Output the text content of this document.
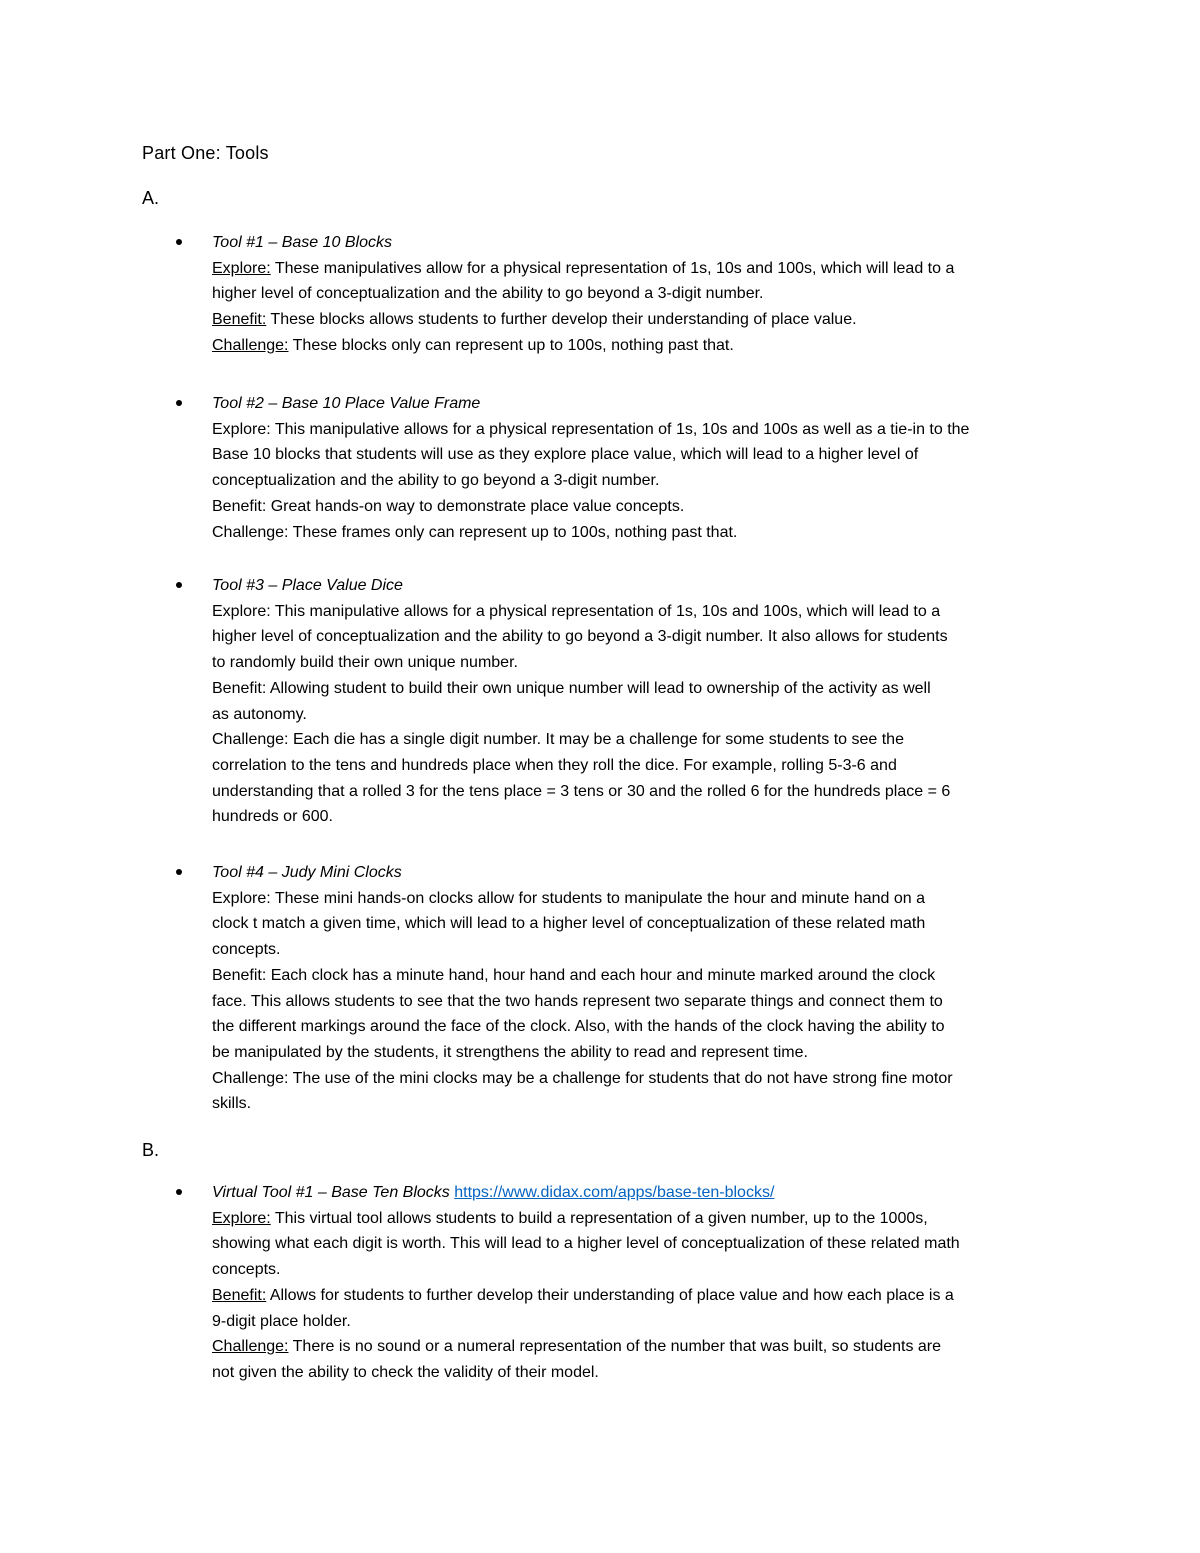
Part One: Tools
A.
Tool #1 – Base 10 Blocks
Explore: These manipulatives allow for a physical representation of 1s, 10s and 100s, which will lead to a
higher level of conceptualization and the ability to go beyond a 3-digit number.
Benefit: These blocks allows students to further develop their understanding of place value.
Challenge: These blocks only can represent up to 100s, nothing past that.
Tool #2 – Base 10 Place Value Frame
Explore: This manipulative allows for a physical representation of 1s, 10s and 100s as well as a tie-in to the
Base 10 blocks that students will use as they explore place value, which will lead to a higher level of
conceptualization and the ability to go beyond a 3-digit number.
Benefit: Great hands-on way to demonstrate place value concepts.
Challenge: These frames only can represent up to 100s, nothing past that.
Tool #3 – Place Value Dice
Explore: This manipulative allows for a physical representation of 1s, 10s and 100s, which will lead to a
higher level of conceptualization and the ability to go beyond a 3-digit number. It also allows for students
to randomly build their own unique number.
Benefit: Allowing student to build their own unique number will lead to ownership of the activity as well
as autonomy.
Challenge: Each die has a single digit number. It may be a challenge for some students to see the
correlation to the tens and hundreds place when they roll the dice. For example, rolling 5-3-6 and
understanding that a rolled 3 for the tens place = 3 tens or 30 and the rolled 6 for the hundreds place = 6
hundreds or 600.
Tool #4 – Judy Mini Clocks
Explore: These mini hands-on clocks allow for students to manipulate the hour and minute hand on a
clock t match a given time, which will lead to a higher level of conceptualization of these related math
concepts.
Benefit: Each clock has a minute hand, hour hand and each hour and minute marked around the clock
face. This allows students to see that the two hands represent two separate things and connect them to
the different markings around the face of the clock. Also, with the hands of the clock having the ability to
be manipulated by the students, it strengthens the ability to read and represent time.
Challenge: The use of the mini clocks may be a challenge for students that do not have strong fine motor
skills.
B.
Virtual Tool #1 – Base Ten Blocks https://www.didax.com/apps/base-ten-blocks/
Explore: This virtual tool allows students to build a representation of a given number, up to the 1000s,
showing what each digit is worth. This will lead to a higher level of conceptualization of these related math
concepts.
Benefit: Allows for students to further develop their understanding of place value and how each place is a
9-digit place holder.
Challenge: There is no sound or a numeral representation of the number that was built, so students are
not given the ability to check the validity of their model.
